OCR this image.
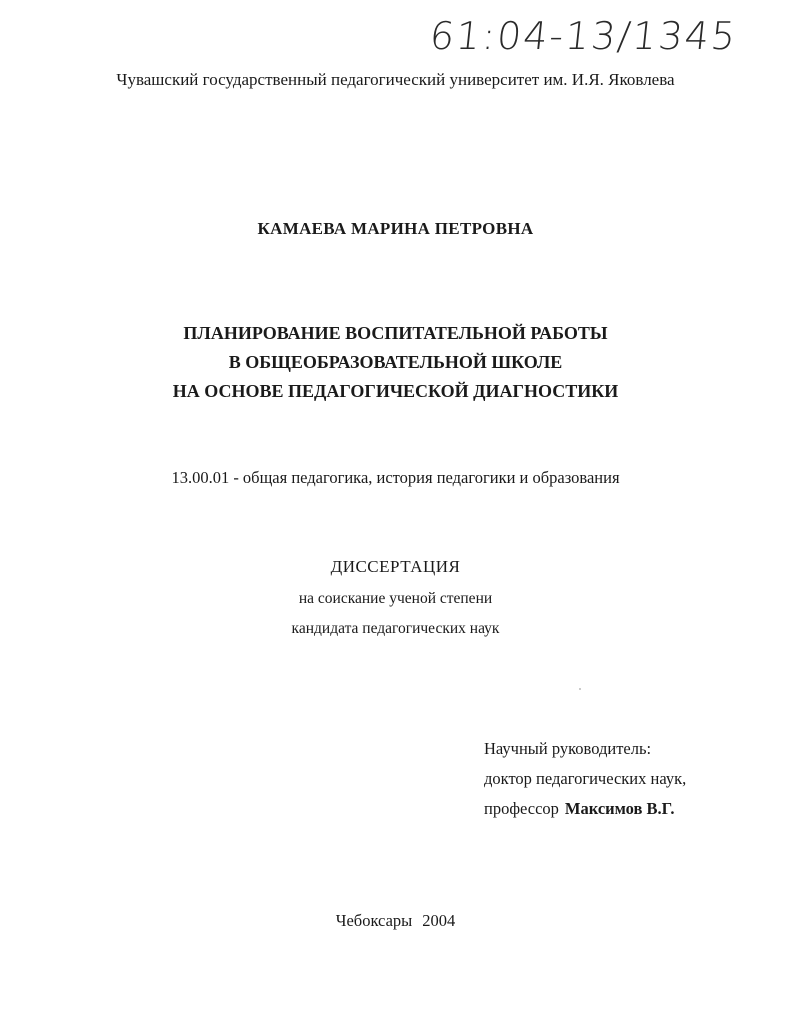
61:04-13/1345
Чувашский государственный педагогический университет им. И.Я. Яковлева
КАМАЕВА МАРИНА ПЕТРОВНА
ПЛАНИРОВАНИЕ ВОСПИТАТЕЛЬНОЙ РАБОТЫ
В ОБЩЕОБРАЗОВАТЕЛЬНОЙ ШКОЛЕ
НА ОСНОВЕ ПЕДАГОГИЧЕСКОЙ ДИАГНОСТИКИ
13.00.01 - общая педагогика, история педагогики и образования
ДИССЕРТАЦИЯ
на соискание ученой степени
кандидата педагогических наук
Научный руководитель:
доктор педагогических наук,
профессор Максимов В.Г.
Чебоксары 2004
